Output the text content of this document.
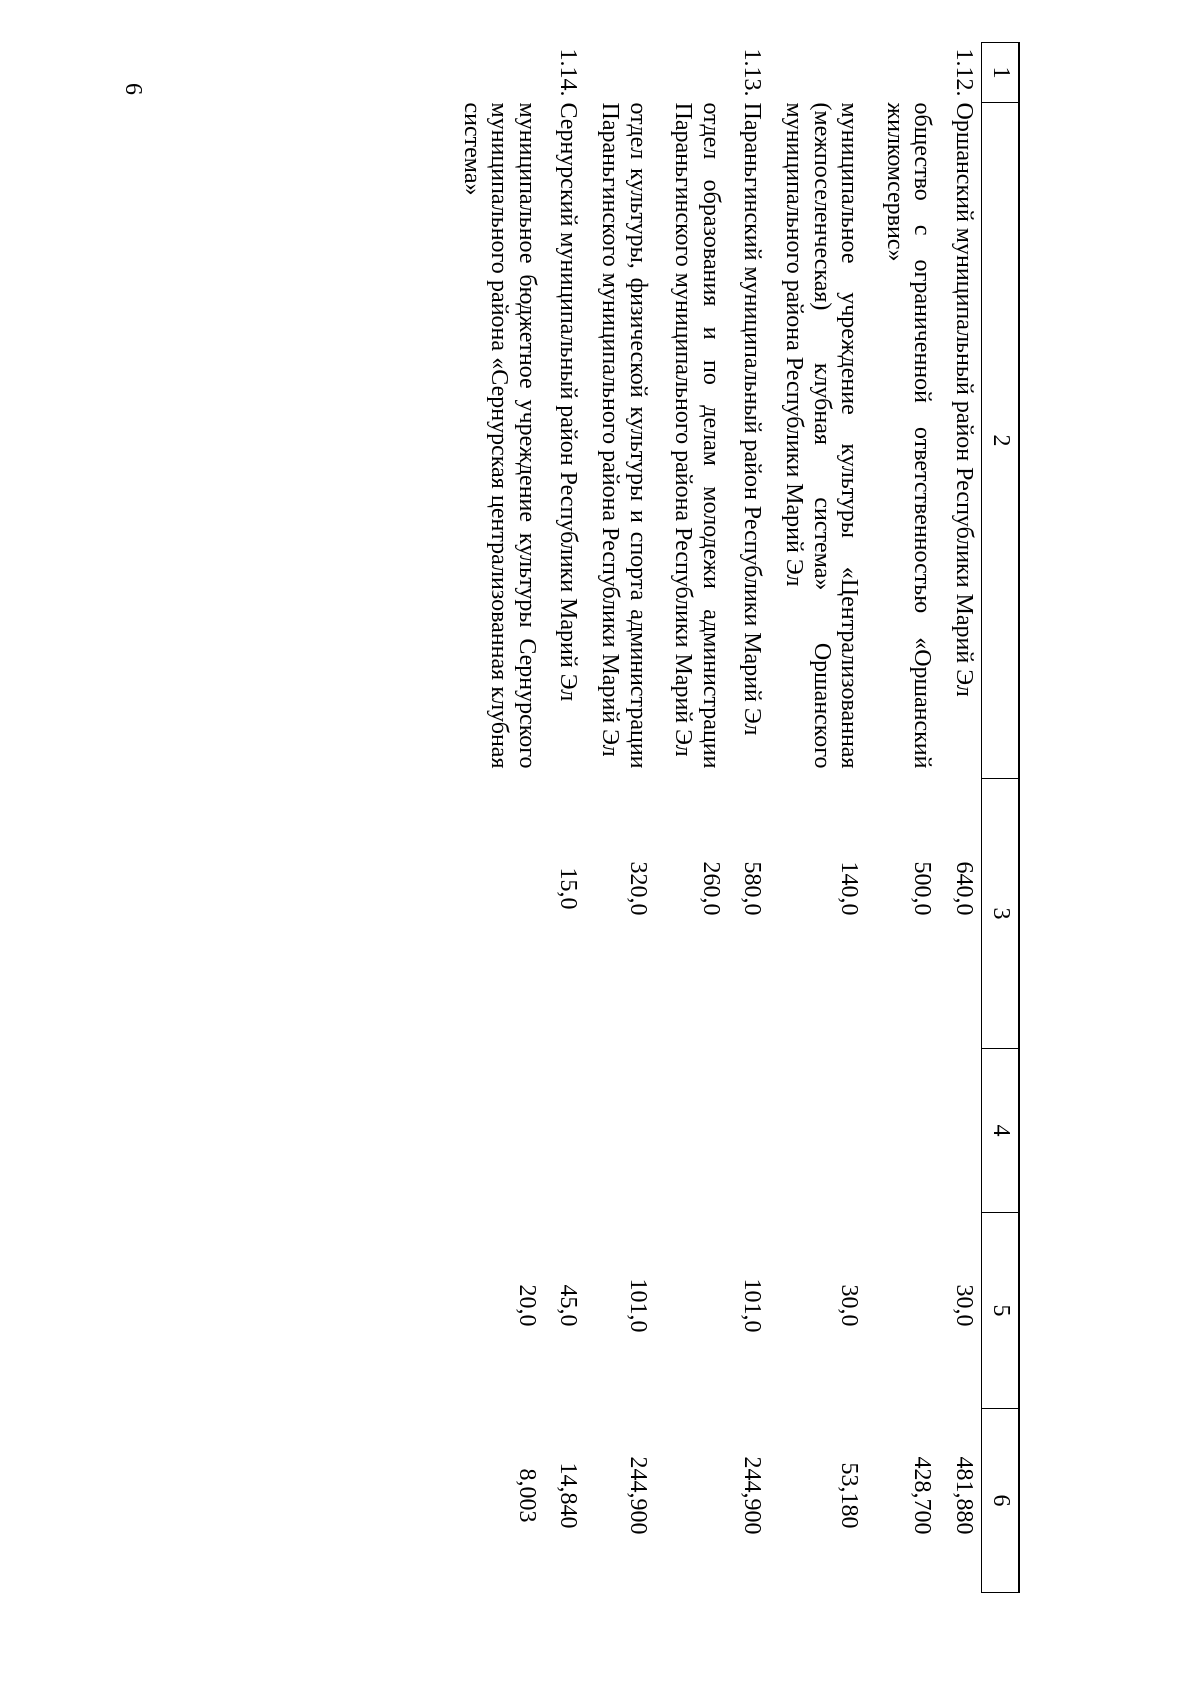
6
1	2	3	4	5	6
1.12.	Оршанский муниципальный район Республики Марий Эл	640,0		30,0	481,880
	общество с ограниченной ответственностью «Оршанский жилкомсервис»	500,0			428,700
	муниципальное учреждение культуры «Централизованная (межпоселенческая) клубная система» Оршанского муниципального района Республики Марий Эл	140,0		30,0	53,180
1.13.	Параньгинский муниципальный район Республики Марий Эл	580,0		101,0	244,900
	отдел образования и по делам молодежи администрации Параньгинского муниципального района Республики Марий Эл	260,0			
	отдел культуры, физической культуры и спорта администрации Параньгинского муниципального района Республики Марий Эл	320,0		101,0	244,900
1.14.	Сернурский муниципальный район Республики Марий Эл	15,0		45,0	14,840
	муниципальное бюджетное учреждение культуры Сернурского муниципального района «Сернурская централизованная клубная система»			20,0	8,003
